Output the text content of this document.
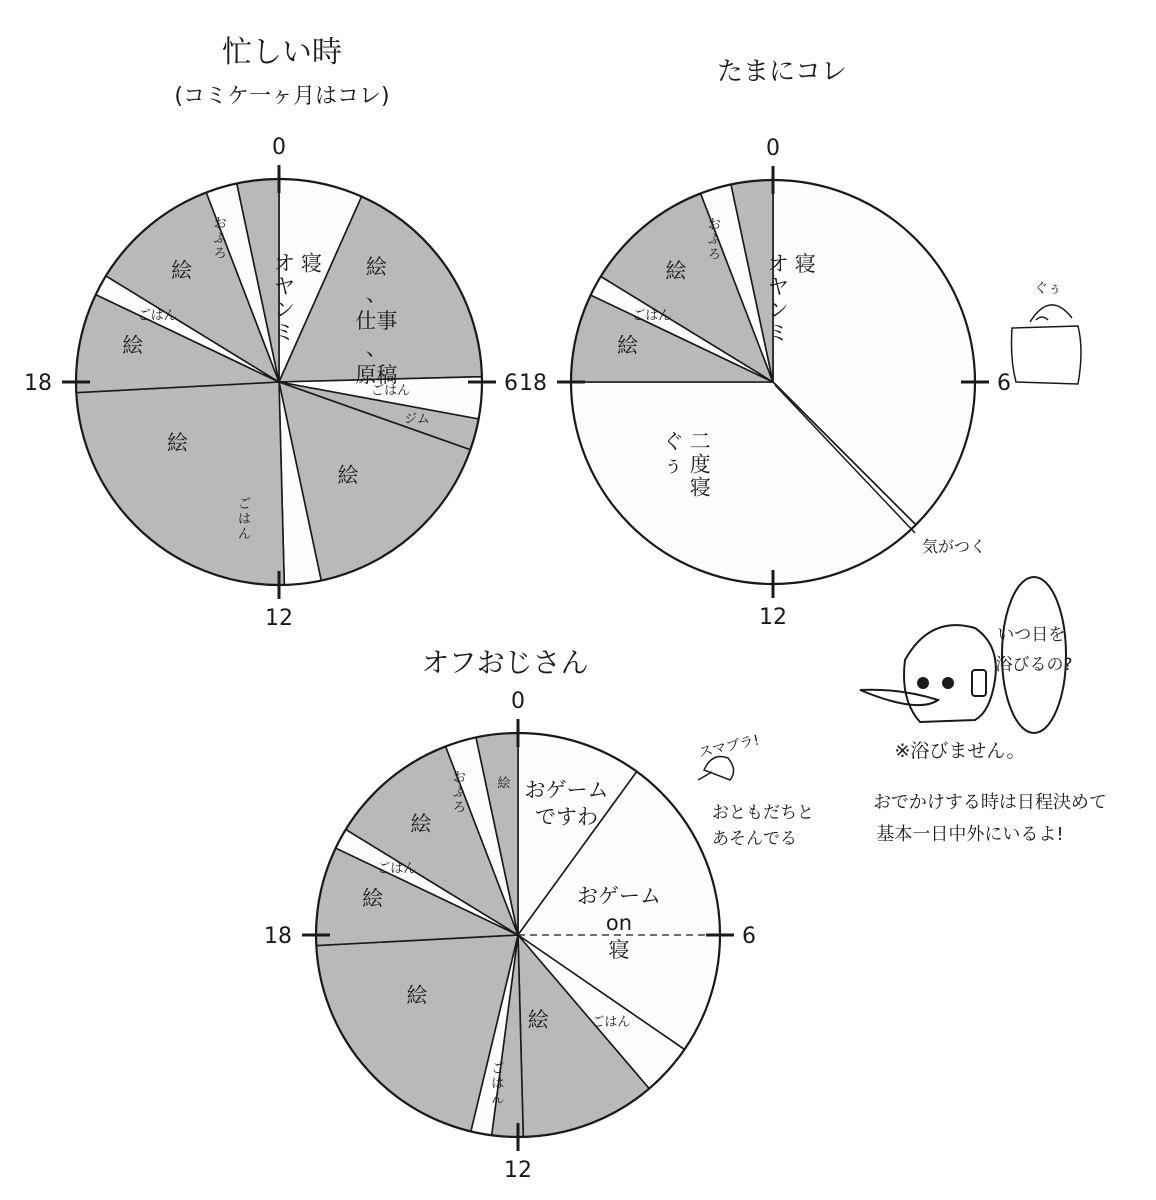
忙しい時
(コミケ一ヶ月はコレ)
たまにコレ
オフおじさん
0
6
12
18
寝オヤンミ
絵、仕事、原稿
ごはん
ジム
絵
ごはん
絵
絵
ごはん
絵
おふろ
0
6
12
18
寝オヤンミ
二度寝ぐぅ
絵
ごはん
絵
おふろ
0
6
12
18
おゲームですわ
おゲーム on 寝
ごはん
絵
ごはん
絵
絵
ごはん
絵
おふろ
絵
気がつく
ぐぅ
スマブラ!
おともだちと あそんでる
いつ日を 浴びるの?
※浴びません。
おでかけする時は日程決めて
基本一日中外にいるよ!
